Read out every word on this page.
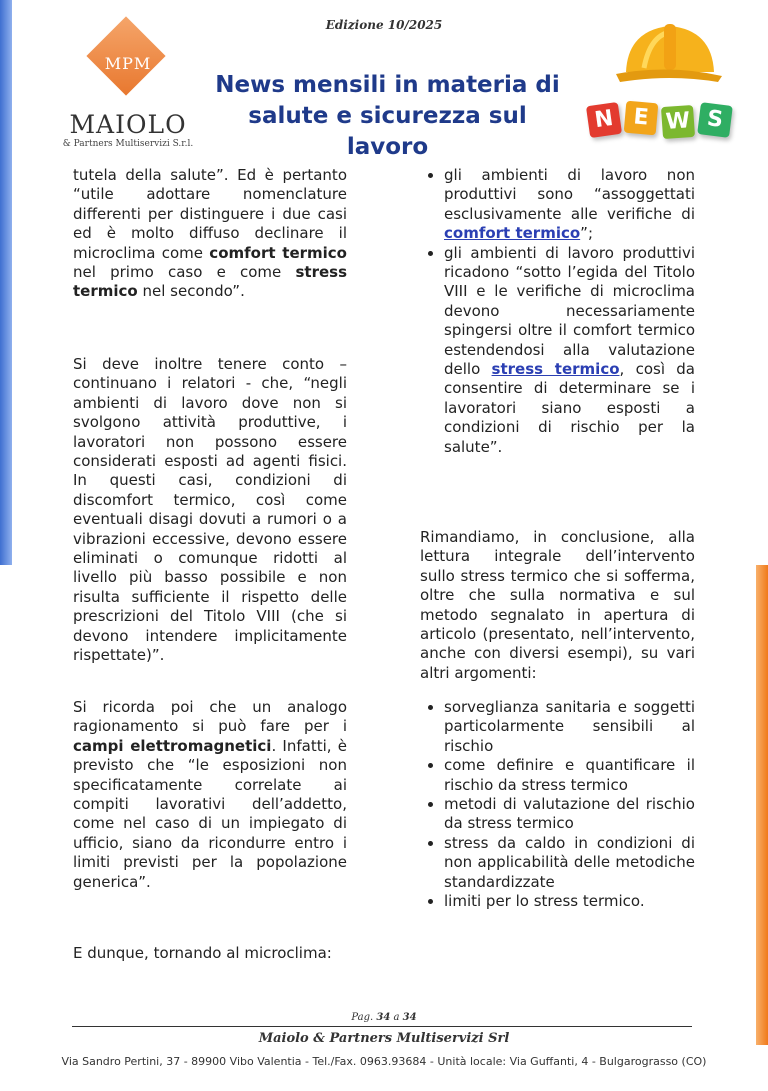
Edizione 10/2025
MPM
MAIOLO
& Partners Multiservizi S.r.l.
News mensili in materia di
salute e sicurezza sul lavoro
N E W S

tutela della salute”. Ed è pertanto “utile adottare nomenclature differenti per distinguere i due casi ed è molto diffuso declinare il microclima come comfort termico nel primo caso e come stress termico nel secondo”.

Si deve inoltre tenere conto – continuano i relatori - che, “negli ambienti di lavoro dove non si svolgono attività produttive, i lavoratori non possono essere considerati esposti ad agenti fisici. In questi casi, condizioni di discomfort termico, così come eventuali disagi dovuti a rumori o a vibrazioni eccessive, devono essere eliminati o comunque ridotti al livello più basso possibile e non risulta sufficiente il rispetto delle prescrizioni del Titolo VIII (che si devono intendere implicitamente rispettate)”.

Si ricorda poi che un analogo ragionamento si può fare per i campi elettromagnetici. Infatti, è previsto che “le esposizioni non specificatamente correlate ai compiti lavorativi dell’addetto, come nel caso di un impiegato di ufficio, siano da ricondurre entro i limiti previsti per la popolazione generica”.

E dunque, tornando al microclima:

• gli ambienti di lavoro non produttivi sono “assoggettati esclusivamente alle verifiche di comfort termico”;
• gli ambienti di lavoro produttivi ricadono “sotto l’egida del Titolo VIII e le verifiche di microclima devono necessariamente spingersi oltre il comfort termico estendendosi alla valutazione dello stress termico, così da consentire di determinare se i lavoratori siano esposti a condizioni di rischio per la salute”.

Rimandiamo, in conclusione, alla lettura integrale dell’intervento sullo stress termico che si sofferma, oltre che sulla normativa e sul metodo segnalato in apertura di articolo (presentato, nell’intervento, anche con diversi esempi), su vari altri argomenti:

• sorveglianza sanitaria e soggetti particolarmente sensibili al rischio
• come definire e quantificare il rischio da stress termico
• metodi di valutazione del rischio da stress termico
• stress da caldo in condizioni di non applicabilità delle metodiche standardizzate
• limiti per lo stress termico.
Pag. 34 a 34
Maiolo & Partners Multiservizi Srl
Via Sandro Pertini, 37 - 89900 Vibo Valentia - Tel./Fax. 0963.93684 - Unità locale: Via Guffanti, 4 - Bulgarograsso (CO)
